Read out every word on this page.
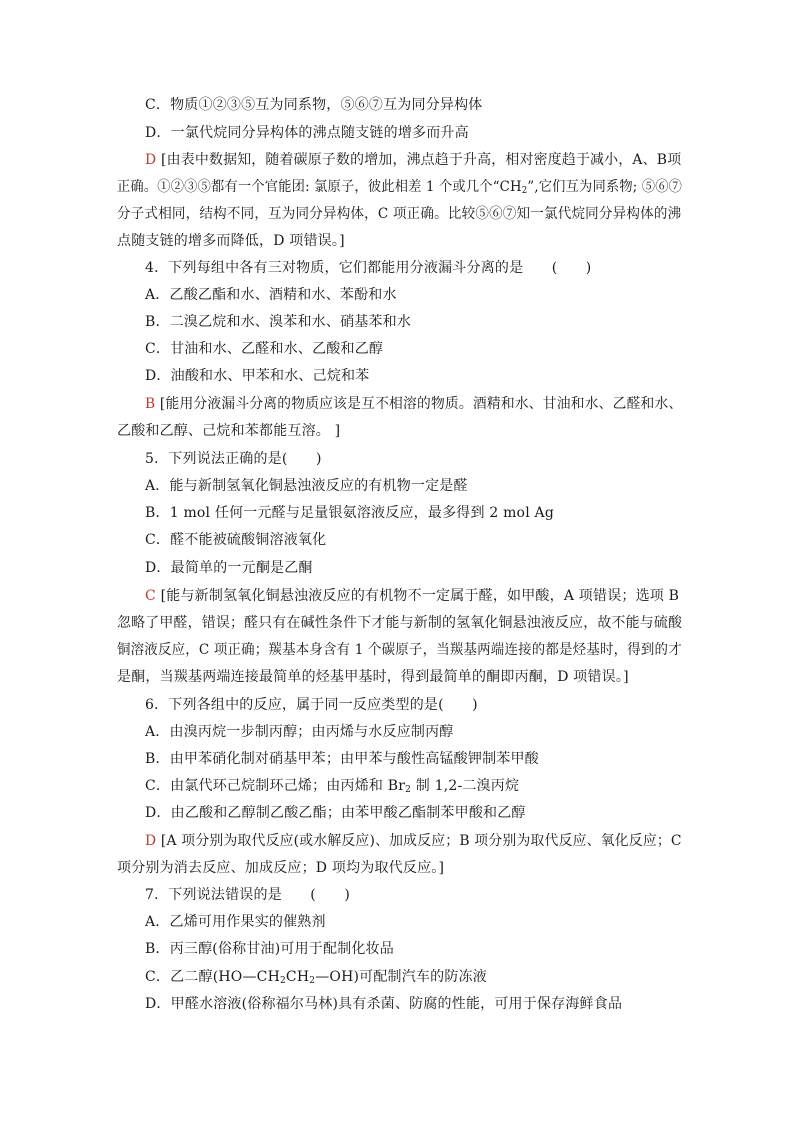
C．物质①②③⑤互为同系物，⑤⑥⑦互为同分异构体
D．一氯代烷同分异构体的沸点随支链的增多而升高
D [由表中数据知，随着碳原子数的增加，沸点趋于升高，相对密度趋于减小，A、B项
正确。①②③⑤都有一个官能团: 氯原子，彼此相差 1 个或几个“$CH_2$”,它们互为同系物; ⑤⑥⑦
分子式相同，结构不同，互为同分异构体，C 项正确。比较⑤⑥⑦知一氯代烷同分异构体的沸
点随支链的增多而降低，D 项错误。]
4．下列每组中各有三对物质，它们都能用分液漏斗分离的是　　(　　)
A．乙酸乙酯和水、酒精和水、苯酚和水
B．二溴乙烷和水、溴苯和水、硝基苯和水
C．甘油和水、乙醛和水、乙酸和乙醇
D．油酸和水、甲苯和水、己烷和苯
B [能用分液漏斗分离的物质应该是互不相溶的物质。酒精和水、甘油和水、乙醛和水、
乙酸和乙醇、己烷和苯都能互溶。 ]
5．下列说法正确的是(　　)
A．能与新制氢氧化铜悬浊液反应的有机物一定是醛
B．1 mol 任何一元醛与足量银氨溶液反应，最多得到 2 mol Ag
C．醛不能被硫酸铜溶液氧化
D．最简单的一元酮是乙酮
C [能与新制氢氧化铜悬浊液反应的有机物不一定属于醛，如甲酸，A 项错误；选项 B
忽略了甲醛，错误；醛只有在碱性条件下才能与新制的氢氧化铜悬浊液反应，故不能与硫酸
铜溶液反应，C 项正确；羰基本身含有 1 个碳原子，当羰基两端连接的都是烃基时，得到的才
是酮，当羰基两端连接最简单的烃基甲基时，得到最简单的酮即丙酮，D 项错误。]
6．下列各组中的反应，属于同一反应类型的是(　　)
A．由溴丙烷一步制丙醇；由丙烯与水反应制丙醇
B．由甲苯硝化制对硝基甲苯；由甲苯与酸性高锰酸钾制苯甲酸
C．由氯代环己烷制环己烯；由丙烯和 $Br_2$ 制 1,2-二溴丙烷
D．由乙酸和乙醇制乙酸乙酯；由苯甲酸乙酯制苯甲酸和乙醇
D [A 项分别为取代反应(或水解反应)、加成反应；B 项分别为取代反应、氧化反应；C
项分别为消去反应、加成反应；D 项均为取代反应。]
7．下列说法错误的是　　(　　)
A．乙烯可用作果实的催熟剂
B．丙三醇(俗称甘油)可用于配制化妆品
C．乙二醇$(HO—CH_2CH_2—OH)$可配制汽车的防冻液
D．甲醛水溶液(俗称福尔马林)具有杀菌、防腐的性能，可用于保存海鲜食品
